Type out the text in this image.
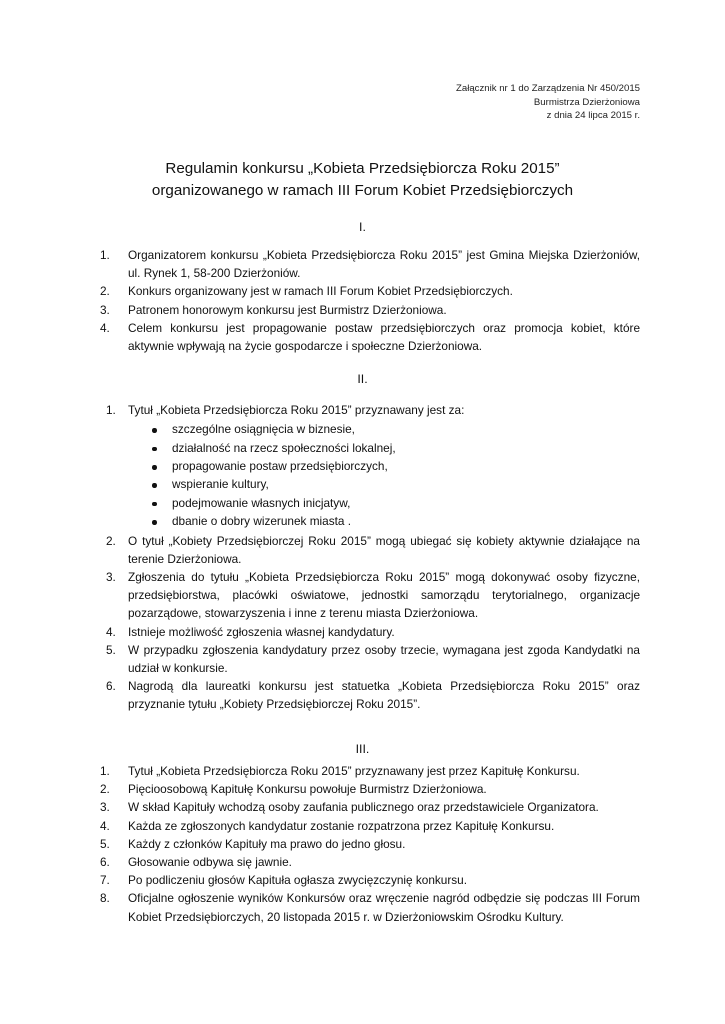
Załącznik nr 1 do Zarządzenia Nr 450/2015
Burmistrza Dzierżoniowa
z dnia 24 lipca 2015 r.
Regulamin konkursu „Kobieta Przedsiębiorcza Roku 2015”
organizowanego w ramach III Forum Kobiet Przedsiębiorczych
I.
1. Organizatorem konkursu „Kobieta Przedsiębiorcza Roku 2015” jest Gmina Miejska Dzierżoniów, ul. Rynek 1, 58-200 Dzierżoniów.
2. Konkurs organizowany jest w ramach III Forum Kobiet Przedsiębiorczych.
3. Patronem honorowym konkursu jest Burmistrz Dzierżoniowa.
4. Celem konkursu jest propagowanie postaw przedsiębiorczych oraz promocja kobiet, które aktywnie wpływają na życie gospodarcze i społeczne Dzierżoniowa.
II.
1. Tytuł „Kobieta Przedsiębiorcza Roku 2015” przyznawany jest za:
szczególne osiągnięcia w biznesie,
działalność na rzecz społeczności lokalnej,
propagowanie postaw przedsiębiorczych,
wspieranie kultury,
podejmowanie własnych inicjatyw,
dbanie o dobry wizerunek miasta .
2. O tytuł „Kobiety Przedsiębiorczej Roku 2015” mogą ubiegać się kobiety aktywnie działające na terenie Dzierżoniowa.
3. Zgłoszenia do tytułu „Kobieta Przedsiębiorcza Roku 2015” mogą dokonywać osoby fizyczne, przedsiębiorstwa, placówki oświatowe, jednostki samorządu terytorialnego, organizacje pozarządowe, stowarzyszenia i inne z terenu miasta Dzierżoniowa.
4. Istnieje możliwość zgłoszenia własnej kandydatury.
5. W przypadku zgłoszenia kandydatury przez osoby trzecie, wymagana jest zgoda Kandydatki na udział w konkursie.
6. Nagrodą dla laureatki konkursu jest statuetka „Kobieta Przedsiębiorcza Roku 2015” oraz przyznanie tytułu „Kobiety Przedsiębiorczej Roku 2015”.
III.
1. Tytuł „Kobieta Przedsiębiorcza Roku 2015” przyznawany jest przez Kapitułę Konkursu.
2. Pięcioosobową Kapitułę Konkursu powołuje Burmistrz Dzierżoniowa.
3. W skład Kapituły wchodzą osoby zaufania publicznego oraz przedstawiciele Organizatora.
4. Każda ze zgłoszonych kandydatur zostanie rozpatrzona przez Kapitułę Konkursu.
5. Każdy z członków Kapituły ma prawo do jedno głosu.
6. Głosowanie odbywa się jawnie.
7. Po podliczeniu głosów Kapituła ogłasza zwycięzczynię konkursu.
8. Oficjalne ogłoszenie wyników Konkursów oraz wręczenie nagród odbędzie się podczas III Forum Kobiet Przedsiębiorczych, 20 listopada 2015 r. w Dzierżoniowskim Ośrodku Kultury.
